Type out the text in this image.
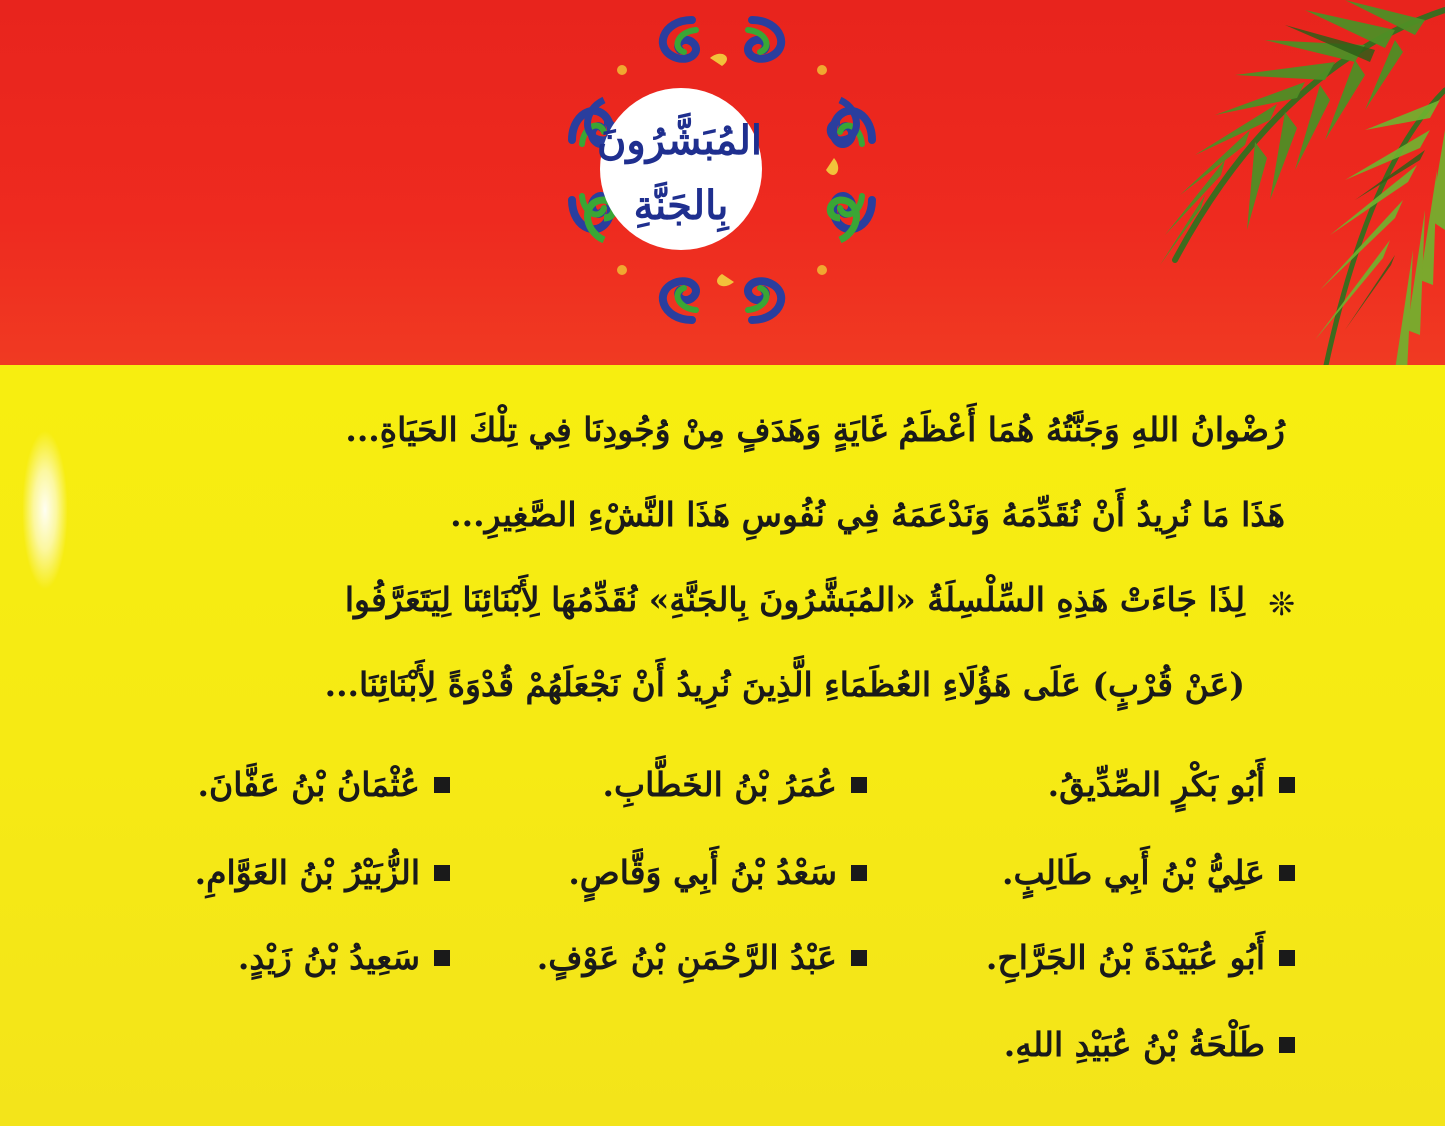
المُبَشَّرُونَ
بِالجَنَّةِ
رُضْوانُ اللهِ وَجَنَّتُهُ هُمَا أَعْظَمُ غَايَةٍ وَهَدَفٍ مِنْ وُجُودِنَا فِي تِلْكَ الحَيَاةِ...
هَذَا مَا نُرِيدُ أَنْ نُقَدِّمَهُ وَنَدْعَمَهُ فِي نُفُوسِ هَذَا النَّشْءِ الصَّغِيرِ...
❊
لِذَا جَاءَتْ هَذِهِ السِّلْسِلَةُ «المُبَشَّرُونَ بِالجَنَّةِ» نُقَدِّمُهَا لِأَبْنَائِنَا لِيَتَعَرَّفُوا
(عَنْ قُرْبٍ) عَلَى هَؤُلَاءِ العُظَمَاءِ الَّذِينَ نُرِيدُ أَنْ نَجْعَلَهُمْ قُدْوَةً لِأَبْنَائِنَا...
أَبُو بَكْرٍ الصِّدِّيقُ.
عُمَرُ بْنُ الخَطَّابِ.
عُثْمَانُ بْنُ عَفَّانَ.
عَلِيُّ بْنُ أَبِي طَالِبٍ.
سَعْدُ بْنُ أَبِي وَقَّاصٍ.
الزُّبَيْرُ بْنُ العَوَّامِ.
أَبُو عُبَيْدَةَ بْنُ الجَرَّاحِ.
عَبْدُ الرَّحْمَنِ بْنُ عَوْفٍ.
سَعِيدُ بْنُ زَيْدٍ.
طَلْحَةُ بْنُ عُبَيْدِ اللهِ.
